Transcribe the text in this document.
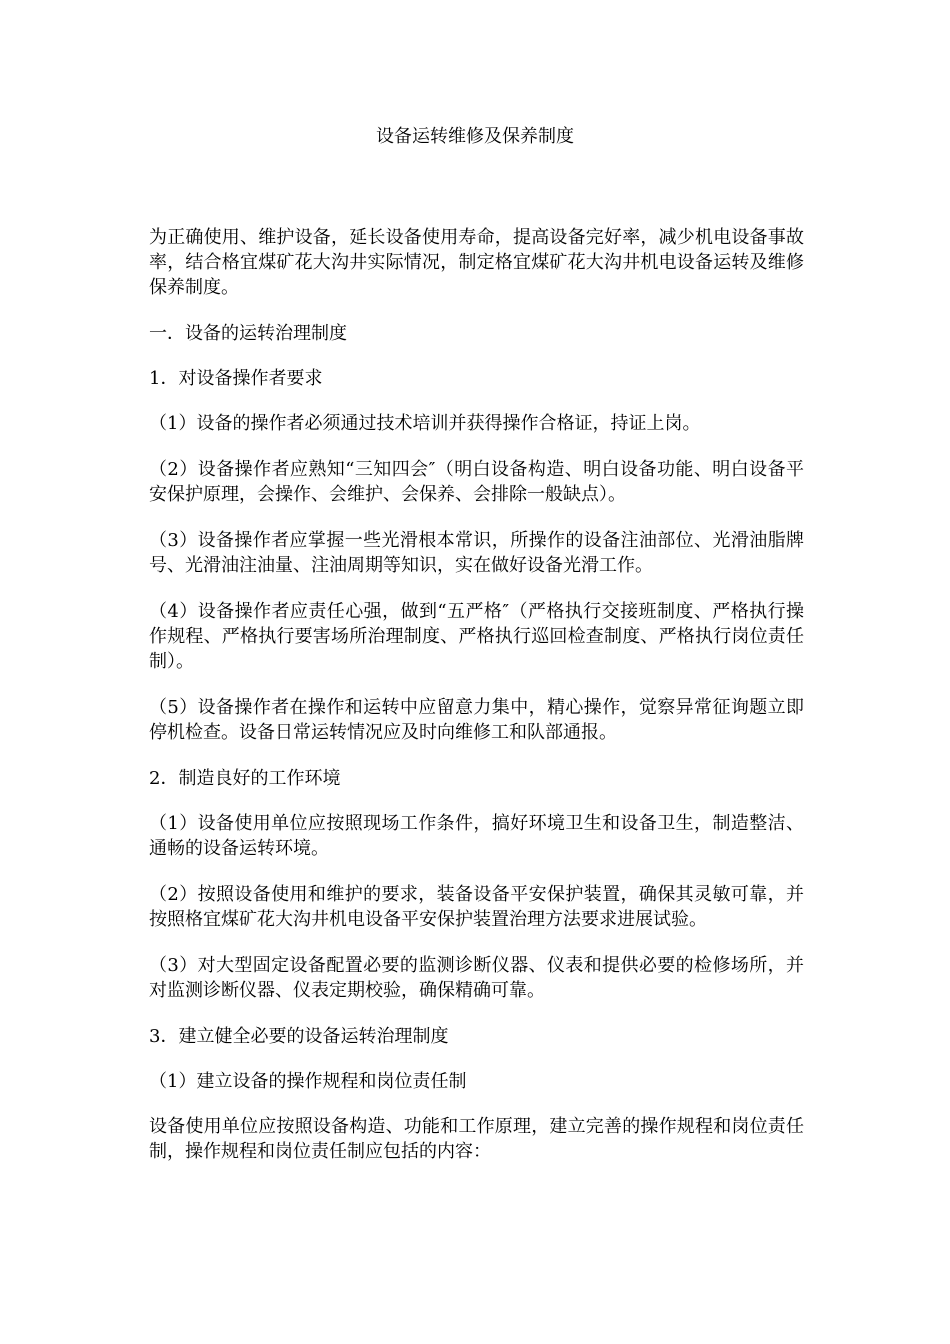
设备运转维修及保养制度

为正确使用、维护设备，延长设备使用寿命，提高设备完好率，减少机电设备事故率，结合格宜煤矿花大沟井实际情况，制定格宜煤矿花大沟井机电设备运转及维修保养制度。

一．设备的运转治理制度

1．对设备操作者要求

（1）设备的操作者必须通过技术培训并获得操作合格证，持证上岗。

（2）设备操作者应熟知“三知四会″（明白设备构造、明白设备功能、明白设备平安保护原理，会操作、会维护、会保养、会排除一般缺点）。

（3）设备操作者应掌握一些光滑根本常识，所操作的设备注油部位、光滑油脂牌号、光滑油注油量、注油周期等知识，实在做好设备光滑工作。

（4）设备操作者应责任心强，做到“五严格″（严格执行交接班制度、严格执行操作规程、严格执行要害场所治理制度、严格执行巡回检查制度、严格执行岗位责任制）。

（5）设备操作者在操作和运转中应留意力集中，精心操作，觉察异常征询题立即停机检查。设备日常运转情况应及时向维修工和队部通报。

2．制造良好的工作环境

（1）设备使用单位应按照现场工作条件，搞好环境卫生和设备卫生，制造整洁、通畅的设备运转环境。

（2）按照设备使用和维护的要求，装备设备平安保护装置，确保其灵敏可靠，并按照格宜煤矿花大沟井机电设备平安保护装置治理方法要求进展试验。

（3）对大型固定设备配置必要的监测诊断仪器、仪表和提供必要的检修场所，并对监测诊断仪器、仪表定期校验，确保精确可靠。

3．建立健全必要的设备运转治理制度

（1）建立设备的操作规程和岗位责任制

设备使用单位应按照设备构造、功能和工作原理，建立完善的操作规程和岗位责任制，操作规程和岗位责任制应包括的内容：
